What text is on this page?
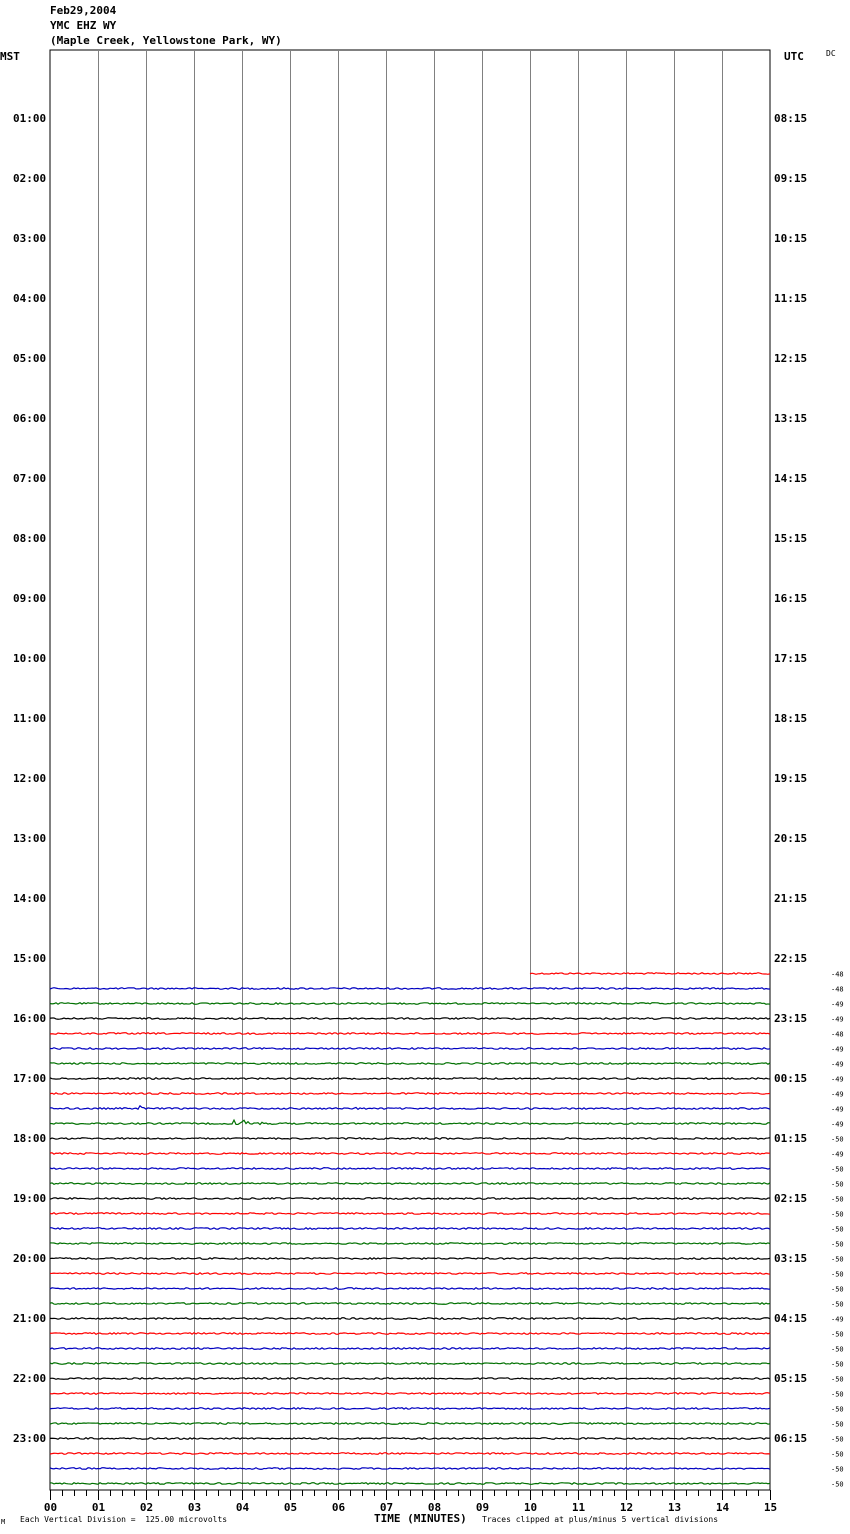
Feb29,2004
YMC EHZ WY
(Maple Creek, Yellowstone Park, WY)
MST	UTC	DC
00	01	02	03	04	05	06	07	08	09	10	11	12	13	14	15
01:00	08:15
02:00	09:15
03:00	10:15
04:00	11:15
05:00	12:15
06:00	13:15
07:00	14:15
08:00	15:15
09:00	16:15
10:00	17:15
11:00	18:15
12:00	19:15
13:00	20:15
14:00	21:15
15:00	22:15
16:00	23:15
17:00	00:15
18:00	01:15
19:00	02:15
20:00	03:15
21:00	04:15
22:00	05:15
23:00	06:15
-48
-48
-49
-49
-48
-49
-49
-49
-49
-49
-49
-50
-49
-50
-50
-50
-50
-50
-50
-50
-50
-50
-50
-49
-50
-50
-50
-50
-50
-50
-50
-50
-50
-50
-50
M Each Vertical Division =  125.00 microvolts	TIME (MINUTES) Traces clipped at plus/minus 5 vertical divisions
